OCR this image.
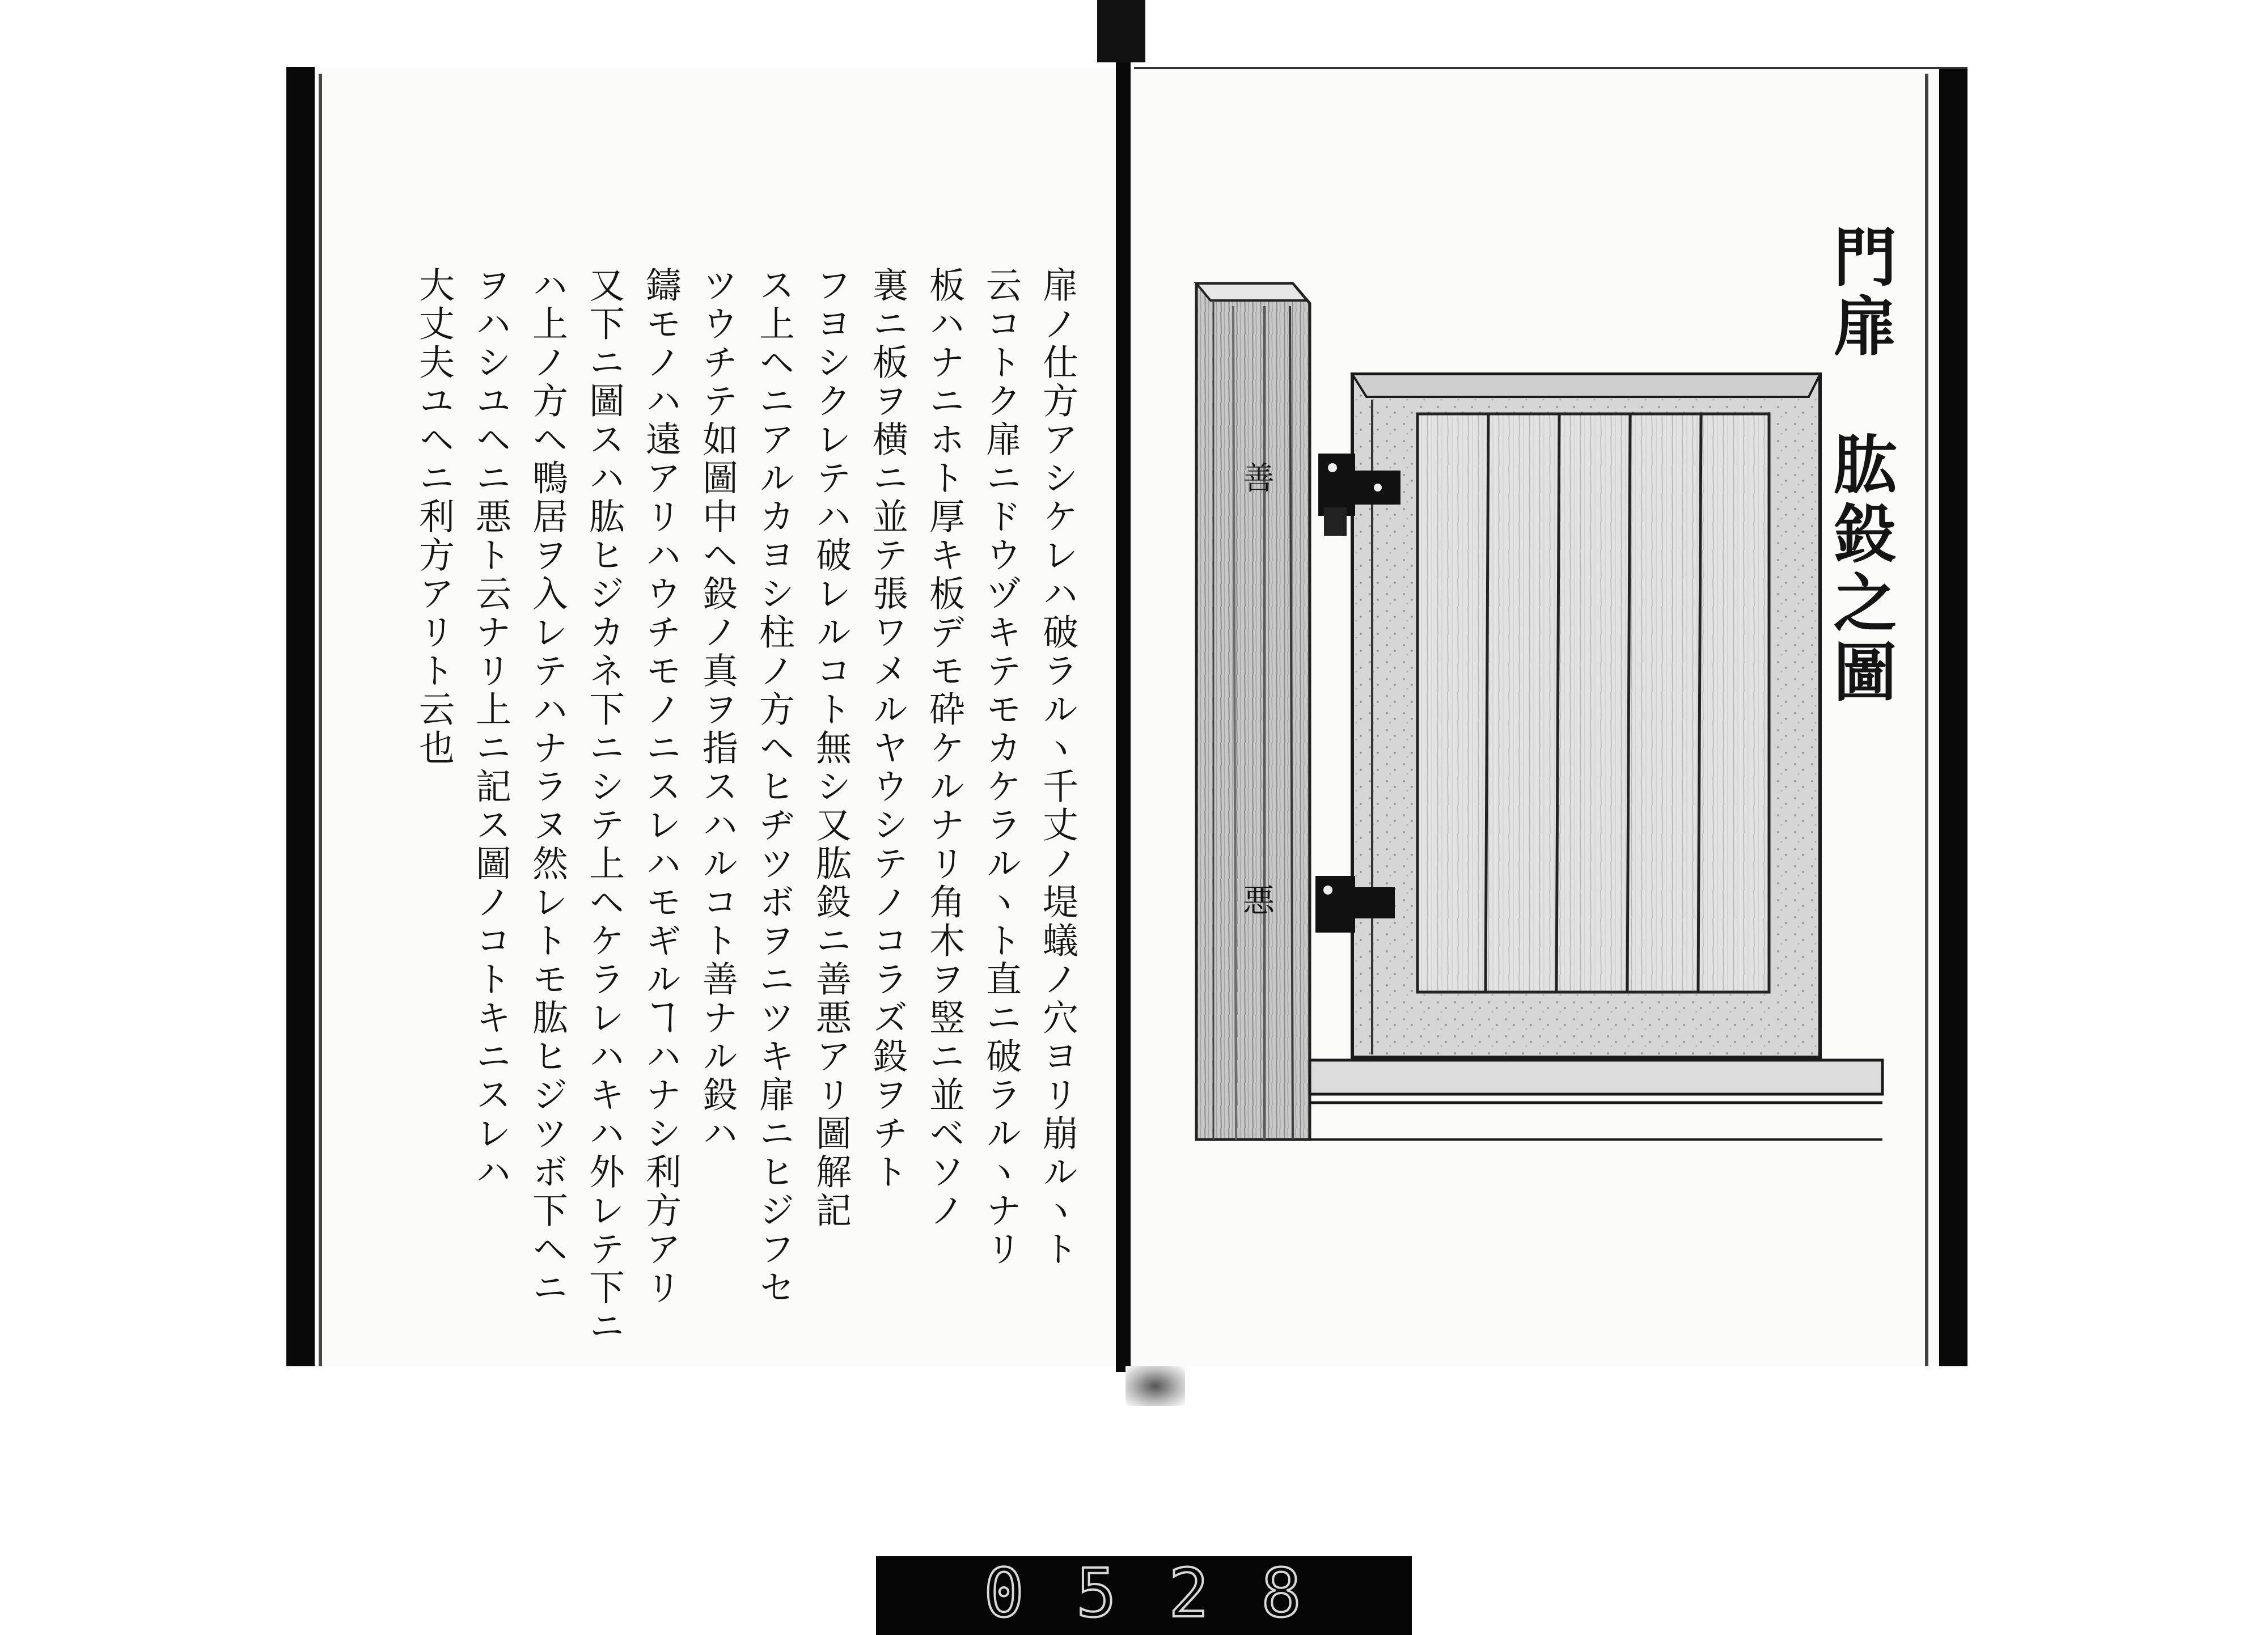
扉ノ仕方アシケレハ破ラルヽ千丈ノ堤蟻ノ穴ヨリ崩ルヽト
云コトク扉ニドウヅキテモカケラルヽト直ニ破ラルヽナリ
板ハナニホト厚キ板デモ砕ケルナリ角木ヲ竪ニ並ベソノ
裏ニ板ヲ横ニ並テ張ワメルヤウシテノコラズ鈠ヲチト
フヨシクレテハ破レルコト無シ又肱鈠ニ善悪アリ圖解記
ス上ヘニアルカヨシ柱ノ方ヘヒヂツボヲニツキ扉ニヒジフセ
ツウチテ如圖中ヘ鈠ノ真ヲ指スハルコト善ナル鈠ハ
鑄モノハ遠アリハウチモノニスレハモギルヿハナシ利方アリ
又下ニ圖スハ肱ヒジカネ下ニシテ上ヘケラレハキハ外レテ下ニ
ハ上ノ方ヘ鴨居ヲ入レテハナラヌ然レトモ肱ヒジツボ下ヘニ
ヲハシユヘニ悪ト云ナリ上ニ記ス圖ノコトキニスレハ
大丈夫ユヘニ利方アリト云也	門扉　肱鈠之圖
善
悪
0 5 2 8
